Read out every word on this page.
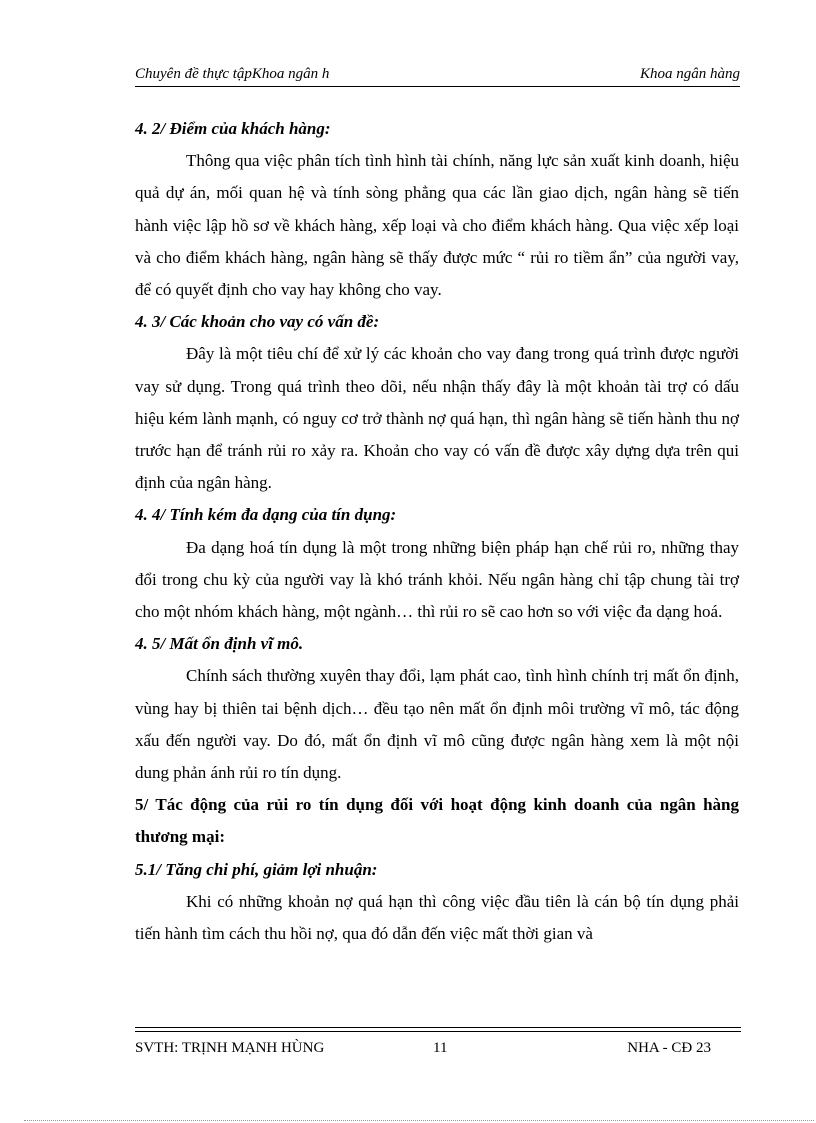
Chuyên đề thực tậpKhoa ngân h	Khoa ngân hàng

4. 2/ Điểm của khách hàng:

Thông qua việc phân tích tình hình tài chính, năng lực sản xuất kinh doanh, hiệu quả dự án, mối quan hệ và tính sòng phẳng qua các lần giao dịch, ngân hàng sẽ tiến hành việc lập hồ sơ về khách hàng, xếp loại và cho điểm khách hàng. Qua việc xếp loại và cho điểm khách hàng, ngân hàng sẽ thấy được mức “ rủi ro tiềm ẩn” của người vay, để có quyết định cho vay hay không cho vay.

4. 3/ Các khoản cho vay có vấn đề:

Đây là một tiêu chí để xử lý các khoản cho vay đang trong quá trình được người vay sử dụng. Trong quá trình theo dõi, nếu nhận thấy đây là một khoản tài trợ có dấu hiệu kém lành mạnh, có nguy cơ trở thành nợ quá hạn, thì ngân hàng sẽ tiến hành thu nợ trước hạn để tránh rủi ro xảy ra. Khoản cho vay có vấn đề được xây dựng dựa trên qui định của ngân hàng.

4. 4/ Tính kém đa dạng của tín dụng:

Đa dạng hoá tín dụng là một trong những biện pháp hạn chế rủi ro, những thay đổi trong chu kỳ của người vay là khó tránh khỏi. Nếu ngân hàng chỉ tập chung tài trợ cho một nhóm khách hàng, một ngành… thì rủi ro sẽ cao hơn so với việc đa dạng hoá.

4. 5/ Mất ổn định vĩ mô.

Chính sách thường xuyên thay đổi, lạm phát cao, tình hình chính trị mất ổn định, vùng hay bị thiên tai bệnh dịch… đều tạo nên mất ổn định môi trường vĩ mô, tác động xấu đến người vay. Do đó, mất ổn định vĩ mô cũng được ngân hàng xem là một nội dung phản ánh rủi ro tín dụng.

5/ Tác động của rủi ro tín dụng đối với hoạt động kinh doanh của ngân hàng thương mại:

5.1/ Tăng chi phí, giảm lợi nhuận:

Khi có những khoản nợ quá hạn thì công việc đầu tiên là cán bộ tín dụng phải tiến hành tìm cách thu hồi nợ, qua đó dẫn đến việc mất thời gian và

SVTH: TRỊNH MẠNH HÙNG	11	NHA - CĐ 23
